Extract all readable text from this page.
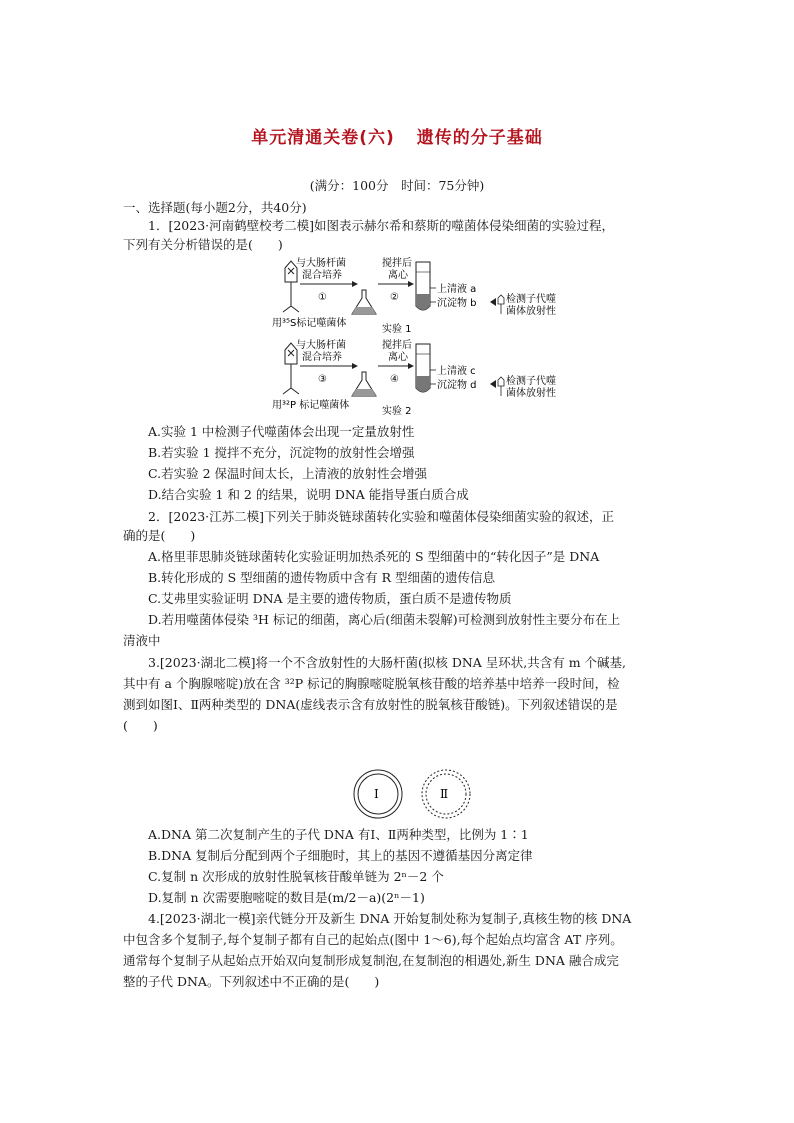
单元清通关卷(六) 遗传的分子基础
(满分：100分　时间：75分钟)
一、选择题(每小题2分，共40分)
1．[2023·河南鹤壁校考二模]如图表示赫尔希和蔡斯的噬菌体侵染细菌的实验过程，
下列有关分析错误的是(　　)
与大肠杆菌
混合培养
①
搅拌后
离心
②
上清液 a
沉淀物 b	检测子代噬
菌体放射性
用³⁵S标记噬菌体
实验 1
与大肠杆菌
混合培养
③
搅拌后
离心
④
上清液 c
沉淀物 d	检测子代噬
菌体放射性
用³²P 标记噬菌体
实验 2
A.实验 1 中检测子代噬菌体会出现一定量放射性
B.若实验 1 搅拌不充分，沉淀物的放射性会增强
C.若实验 2 保温时间太长，上清液的放射性会增强
D.结合实验 1 和 2 的结果，说明 DNA 能指导蛋白质合成
2．[2023·江苏二模]下列关于肺炎链球菌转化实验和噬菌体侵染细菌实验的叙述，正
确的是(　　)
A.格里菲思肺炎链球菌转化实验证明加热杀死的 S 型细菌中的“转化因子”是 DNA
B.转化形成的 S 型细菌的遗传物质中含有 R 型细菌的遗传信息
C.艾弗里实验证明 DNA 是主要的遗传物质，蛋白质不是遗传物质
D.若用噬菌体侵染 ³H 标记的细菌，离心后(细菌未裂解)可检测到放射性主要分布在上
清液中
3.[2023·湖北二模]将一个不含放射性的大肠杆菌(拟核 DNA 呈环状,共含有 m 个碱基,
其中有 a 个胸腺嘧啶)放在含 ³²P 标记的胸腺嘧啶脱氧核苷酸的培养基中培养一段时间，检
测到如图Ⅰ、Ⅱ两种类型的 DNA(虚线表示含有放射性的脱氧核苷酸链)。下列叙述错误的是
(　　)
Ⅰ	Ⅱ
A.DNA 第二次复制产生的子代 DNA 有Ⅰ、Ⅱ两种类型，比例为 1∶1
B.DNA 复制后分配到两个子细胞时，其上的基因不遵循基因分离定律
C.复制 n 次形成的放射性脱氧核苷酸单链为 2ⁿ－2 个
D.复制 n 次需要胞嘧啶的数目是(m/2－a)(2ⁿ－1)
4.[2023·湖北一模]亲代链分开及新生 DNA 开始复制处称为复制子,真核生物的核 DNA
中包含多个复制子,每个复制子都有自己的起始点(图中 1～6),每个起始点均富含 AT 序列。
通常每个复制子从起始点开始双向复制形成复制泡,在复制泡的相遇处,新生 DNA 融合成完
整的子代 DNA。下列叙述中不正确的是(　　)
